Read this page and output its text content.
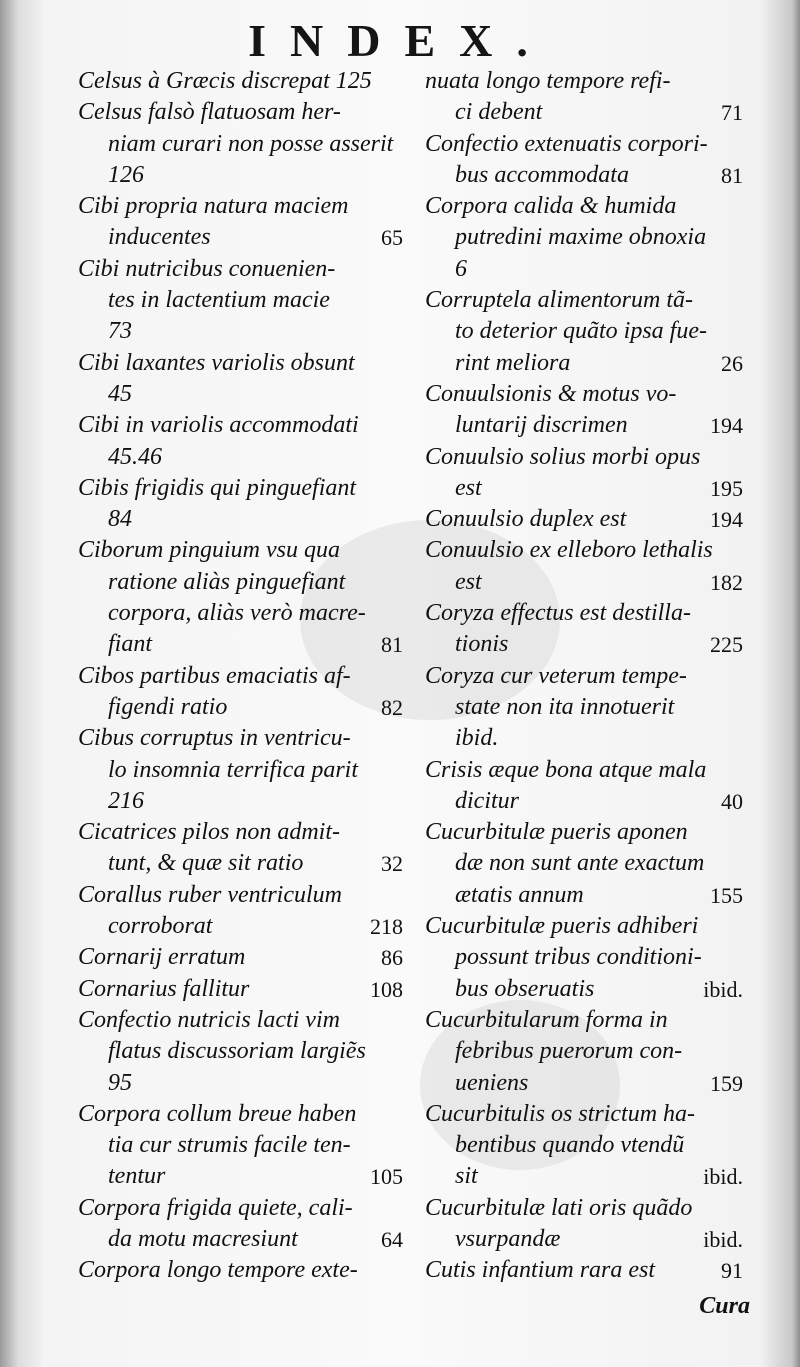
INDEX.
Celsus à Græcis discrepat 125
Celsus falsò flatuosam her-
niam curari non posse asserit
126
Cibi propria natura maciem
65
inducentes
Cibi nutricibus conuenien-
tes in lactentium macie
73
Cibi laxantes variolis obsunt
45
Cibi in variolis accommodati
45.46
Cibis frigidis qui pinguefiant
84
Ciborum pinguium vsu qua
ratione aliàs pinguefiant
corpora, aliàs verò macre-
81
fiant
Cibos partibus emaciatis af-
82
figendi ratio
Cibus corruptus in ventricu-
lo insomnia terrifica parit
216
Cicatrices pilos non admit-
32
tunt, & quæ sit ratio
Corallus ruber ventriculum
218
corroborat
86
Cornarij erratum
108
Cornarius fallitur
Confectio nutricis lacti vim
flatus discussoriam largiẽs
95
Corpora collum breue haben
tia cur strumis facile ten-
105
tentur
Corpora frigida quiete, cali-
64
da motu macresiunt
Corpora longo tempore exte-
nuata longo tempore refi-
71
ci debent
Confectio extenuatis corpori-
81
bus accommodata
Corpora calida & humida
putredini maxime obnoxia
6
Corruptela alimentorum tã-
to deterior quãto ipsa fue-
26
rint meliora
Conuulsionis & motus vo-
194
luntarij discrimen
Conuulsio solius morbi opus
195
est
194
Conuulsio duplex est
Conuulsio ex elleboro lethalis
182
est
Coryza effectus est destilla-
225
tionis
Coryza cur veterum tempe-
state non ita innotuerit
ibid.
Crisis æque bona atque mala
40
dicitur
Cucurbitulæ pueris aponen
dæ non sunt ante exactum
155
ætatis annum
Cucurbitulæ pueris adhiberi
possunt tribus conditioni-
ibid.
bus obseruatis
Cucurbitularum forma in
febribus puerorum con-
159
ueniens
Cucurbitulis os strictum ha-
bentibus quando vtendũ
ibid.
sit
Cucurbitulæ lati oris quãdo
ibid.
vsurpandæ
91
Cutis infantium rara est
Cura
